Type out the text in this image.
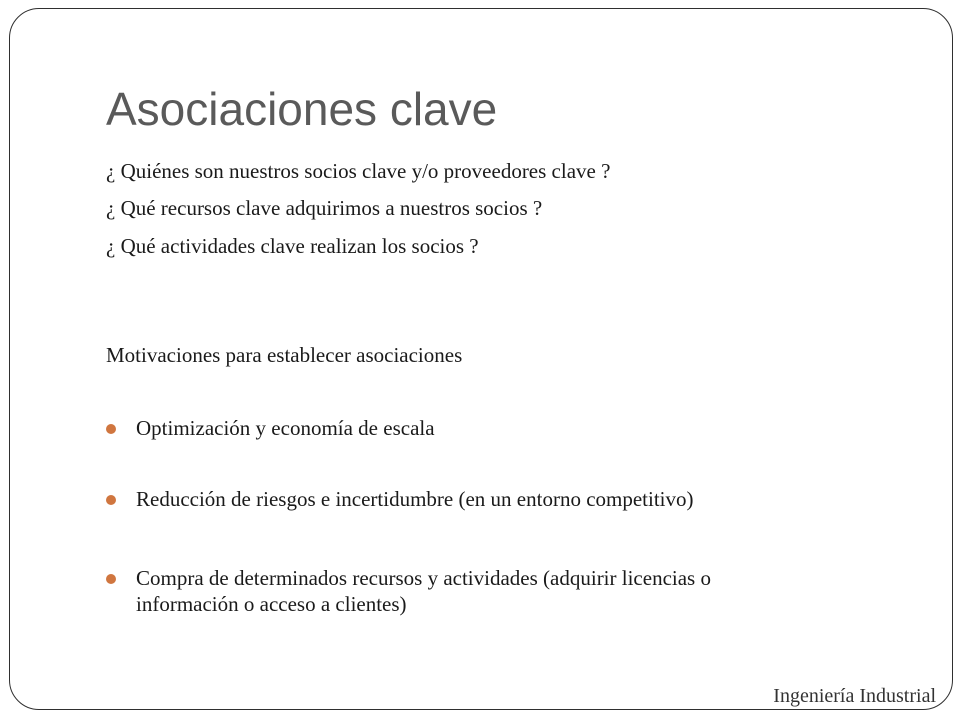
Asociaciones clave
¿ Quiénes son nuestros socios clave y/o proveedores clave ?
¿ Qué recursos clave adquirimos a nuestros socios ?
¿ Qué actividades clave realizan los socios ?
Motivaciones para establecer asociaciones
Optimización y economía de escala
Reducción de riesgos e incertidumbre (en un entorno competitivo)
Compra de determinados recursos y actividades (adquirir licencias o información o acceso a clientes)
Ingeniería Industrial
